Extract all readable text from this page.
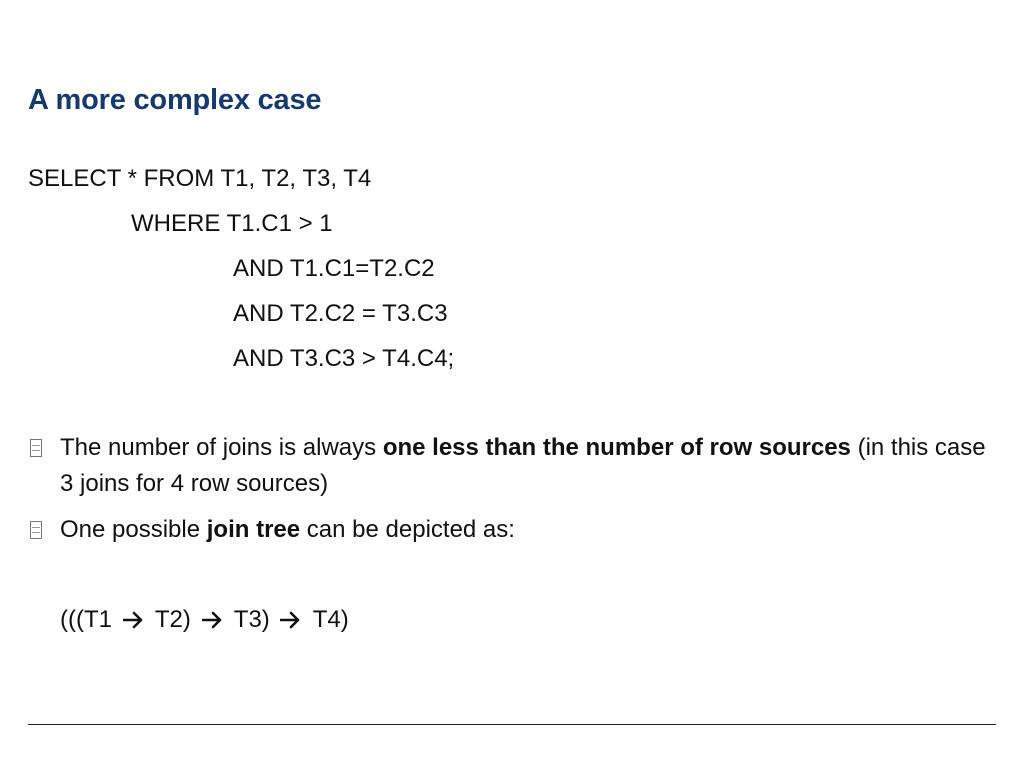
A more complex case
SELECT * FROM T1, T2, T3, T4
WHERE T1.C1 > 1
AND T1.C1=T2.C2
AND T2.C2 = T3.C3
AND T3.C3 > T4.C4;
The number of joins is always one less than the number of row sources (in this case 3 joins for 4 row sources)
One possible join tree can be depicted as:
(((T1 T2) T3) T4)
